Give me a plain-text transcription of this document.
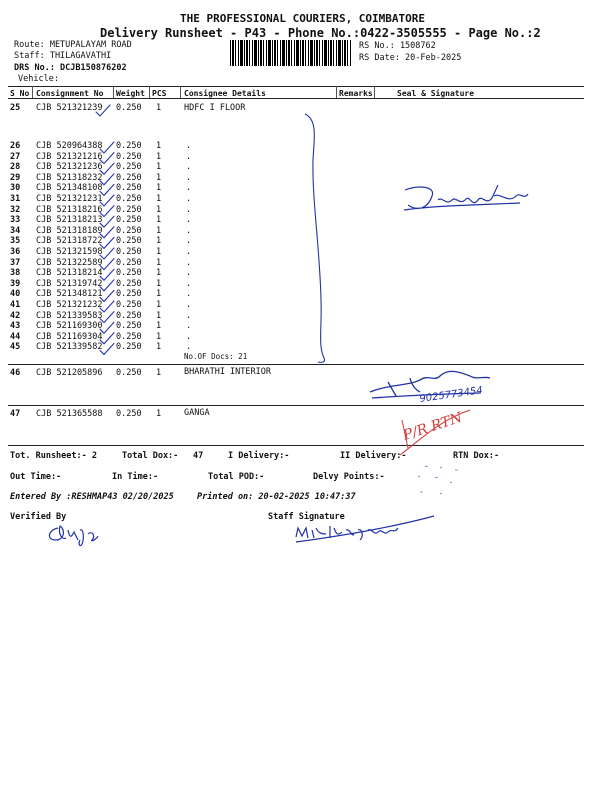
THE PROFESSIONAL COURIERS, COIMBATORE
Delivery Runsheet - P43 - Phone No.:0422-3505555 - Page No.:2
Route: METUPALAYAM ROAD
Staff: THILAGAVATHI
DRS No.: DCJB150876202
Vehicle:
RS No.: 1508762
RS Date: 20-Feb-2025
S No Consignment No Weight PCS Consignee Details	Remarks	Seal & Signature
25 CJB 521321239 0.250 1	HDFC I FLOOR
26 CJB 520964388 0.250 1	.
27 CJB 521321216 0.250 1	.
28 CJB 521321236 0.250 1	.
29 CJB 521318232 0.250 1	.
30 CJB 521348108 0.250 1	.
31 CJB 521321231 0.250 1	.
32 CJB 521318216 0.250 1	.
33 CJB 521318213 0.250 1	.
34 CJB 521318189 0.250 1	.
35 CJB 521318722 0.250 1	.
36 CJB 521321598 0.250 1	.
37 CJB 521322589 0.250 1	.
38 CJB 521318214 0.250 1	.
39 CJB 521319742 0.250 1	.
40 CJB 521348121 0.250 1	.
41 CJB 521321232 0.250 1	.
42 CJB 521339583 0.250 1	.
43 CJB 521169300 0.250 1	.
44 CJB 521169304 0.250 1	.
45 CJB 521339582 0.250 1	.
No.OF Docs: 21
46 CJB 521205896 0.250 1	BHARATHI INTERIOR
47 CJB 521365588 0.250 1	GANGA
Tot. Runsheet:- 2	Total Dox:- 47	I Delivery:-	II Delivery:-	RTN Dox:-
Out Time:-	In Time:-	Total POD:-	Delvy Points:-
Entered By :RESHMAP43 02/20/2025	Printed on: 20-02-2025 10:47:37
Verified By	Staff Signature
9025773454
P/R RTN
